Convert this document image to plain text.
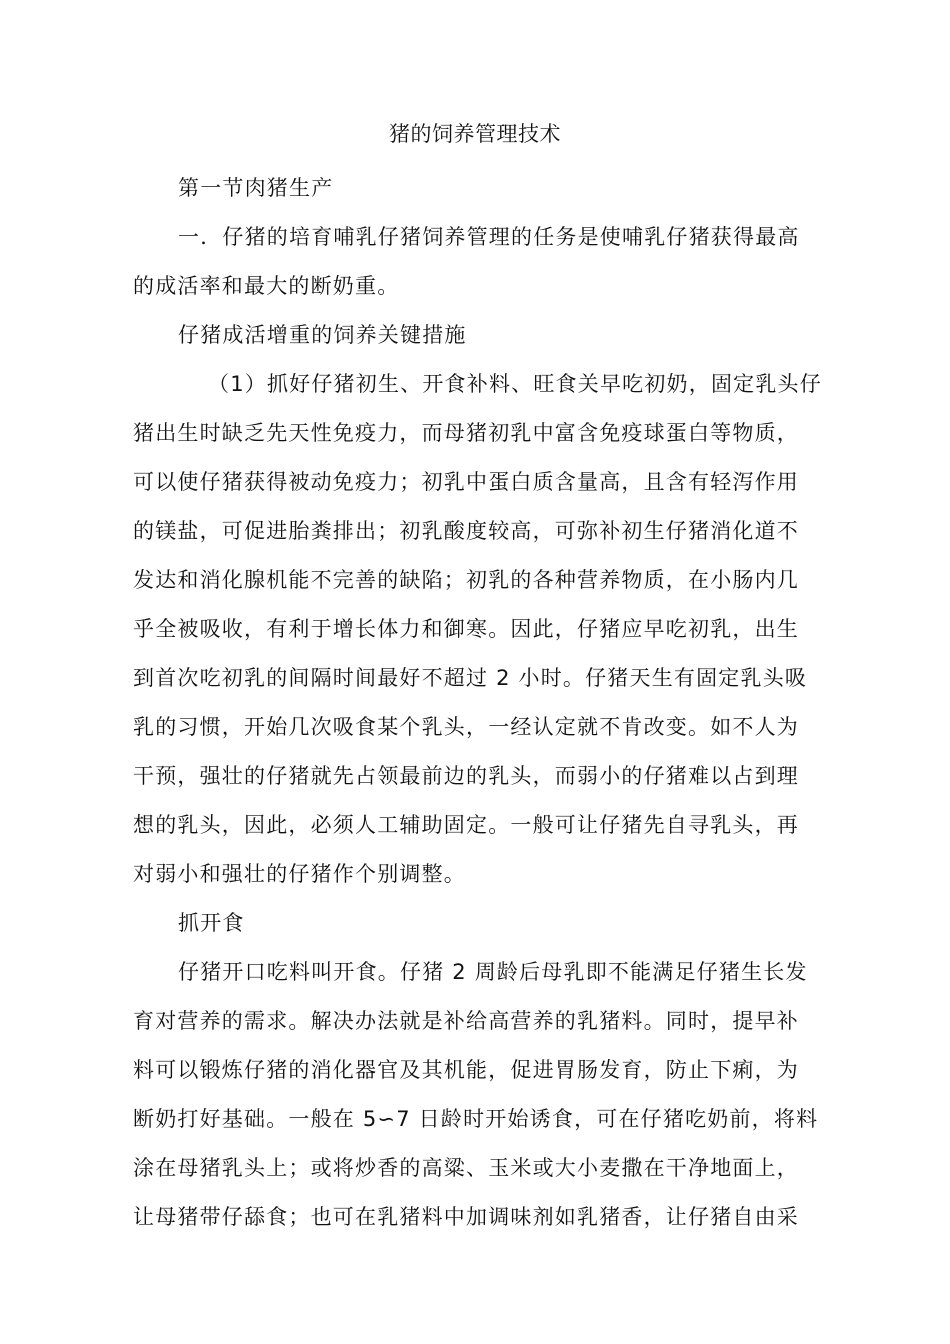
猪的饲养管理技术

第一节肉猪生产

一．仔猪的培育哺乳仔猪饲养管理的任务是使哺乳仔猪获得最高
的成活率和最大的断奶重。

仔猪成活增重的饲养关键措施

（1）抓好仔猪初生、开食补料、旺食关早吃初奶，固定乳头仔
猪出生时缺乏先天性免疫力，而母猪初乳中富含免疫球蛋白等物质，
可以使仔猪获得被动免疫力；初乳中蛋白质含量高，且含有轻泻作用
的镁盐，可促进胎粪排出；初乳酸度较高，可弥补初生仔猪消化道不
发达和消化腺机能不完善的缺陷；初乳的各种营养物质，在小肠内几
乎全被吸收，有利于增长体力和御寒。因此，仔猪应早吃初乳，出生
到首次吃初乳的间隔时间最好不超过 2 小时。仔猪天生有固定乳头吸
乳的习惯，开始几次吸食某个乳头，一经认定就不肯改变。如不人为
干预，强壮的仔猪就先占领最前边的乳头，而弱小的仔猪难以占到理
想的乳头，因此，必须人工辅助固定。一般可让仔猪先自寻乳头，再
对弱小和强壮的仔猪作个别调整。

抓开食

仔猪开口吃料叫开食。仔猪 2 周龄后母乳即不能满足仔猪生长发
育对营养的需求。解决办法就是补给高营养的乳猪料。同时，提早补
料可以锻炼仔猪的消化器官及其机能，促进胃肠发育，防止下痢，为
断奶打好基础。一般在 5∽7 日龄时开始诱食，可在仔猪吃奶前，将料
涂在母猪乳头上；或将炒香的高粱、玉米或大小麦撒在干净地面上，
让母猪带仔舔食；也可在乳猪料中加调味剂如乳猪香，让仔猪自由采
